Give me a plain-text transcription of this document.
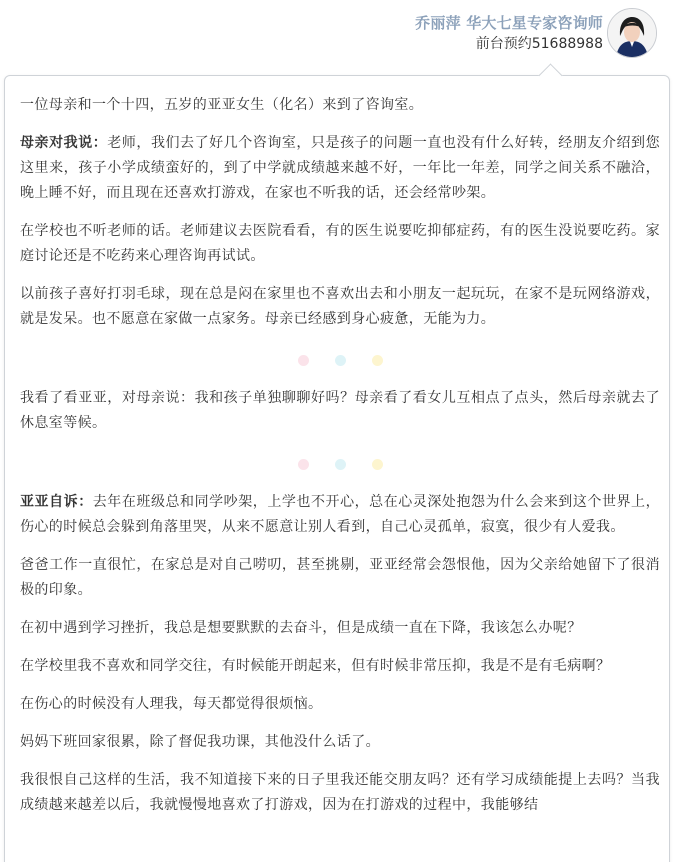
乔丽萍 华大七星专家咨询师
前台预约51688988

一位母亲和一个十四，五岁的亚亚女生（化名）来到了咨询室。

母亲对我说：老师，我们去了好几个咨询室，只是孩子的问题一直也没有什么好转，经朋友介绍到您这里来，孩子小学成绩蛮好的，到了中学就成绩越来越不好，一年比一年差，同学之间关系不融洽，晚上睡不好，而且现在还喜欢打游戏，在家也不听我的话，还会经常吵架。

在学校也不听老师的话。老师建议去医院看看，有的医生说要吃抑郁症药，有的医生没说要吃药。家庭讨论还是不吃药来心理咨询再试试。

以前孩子喜好打羽毛球，现在总是闷在家里也不喜欢出去和小朋友一起玩玩，在家不是玩网络游戏，就是发呆。也不愿意在家做一点家务。母亲已经感到身心疲惫，无能为力。

我看了看亚亚，对母亲说：我和孩子单独聊聊好吗？母亲看了看女儿互相点了点头，然后母亲就去了休息室等候。

亚亚自诉：去年在班级总和同学吵架，上学也不开心，总在心灵深处抱怨为什么会来到这个世界上，伤心的时候总会躲到角落里哭，从来不愿意让别人看到，自己心灵孤单，寂寞，很少有人爱我。

爸爸工作一直很忙，在家总是对自己唠叨，甚至挑剔，亚亚经常会怨恨他，因为父亲给她留下了很消极的印象。

在初中遇到学习挫折，我总是想要默默的去奋斗，但是成绩一直在下降，我该怎么办呢？

在学校里我不喜欢和同学交往，有时候能开朗起来，但有时候非常压抑，我是不是有毛病啊？

在伤心的时候没有人理我，每天都觉得很烦恼。

妈妈下班回家很累，除了督促我功课，其他没什么话了。

我很恨自己这样的生活，我不知道接下来的日子里我还能交朋友吗？还有学习成绩能提上去吗？当我成绩越来越差以后，我就慢慢地喜欢了打游戏，因为在打游戏的过程中，我能够结
